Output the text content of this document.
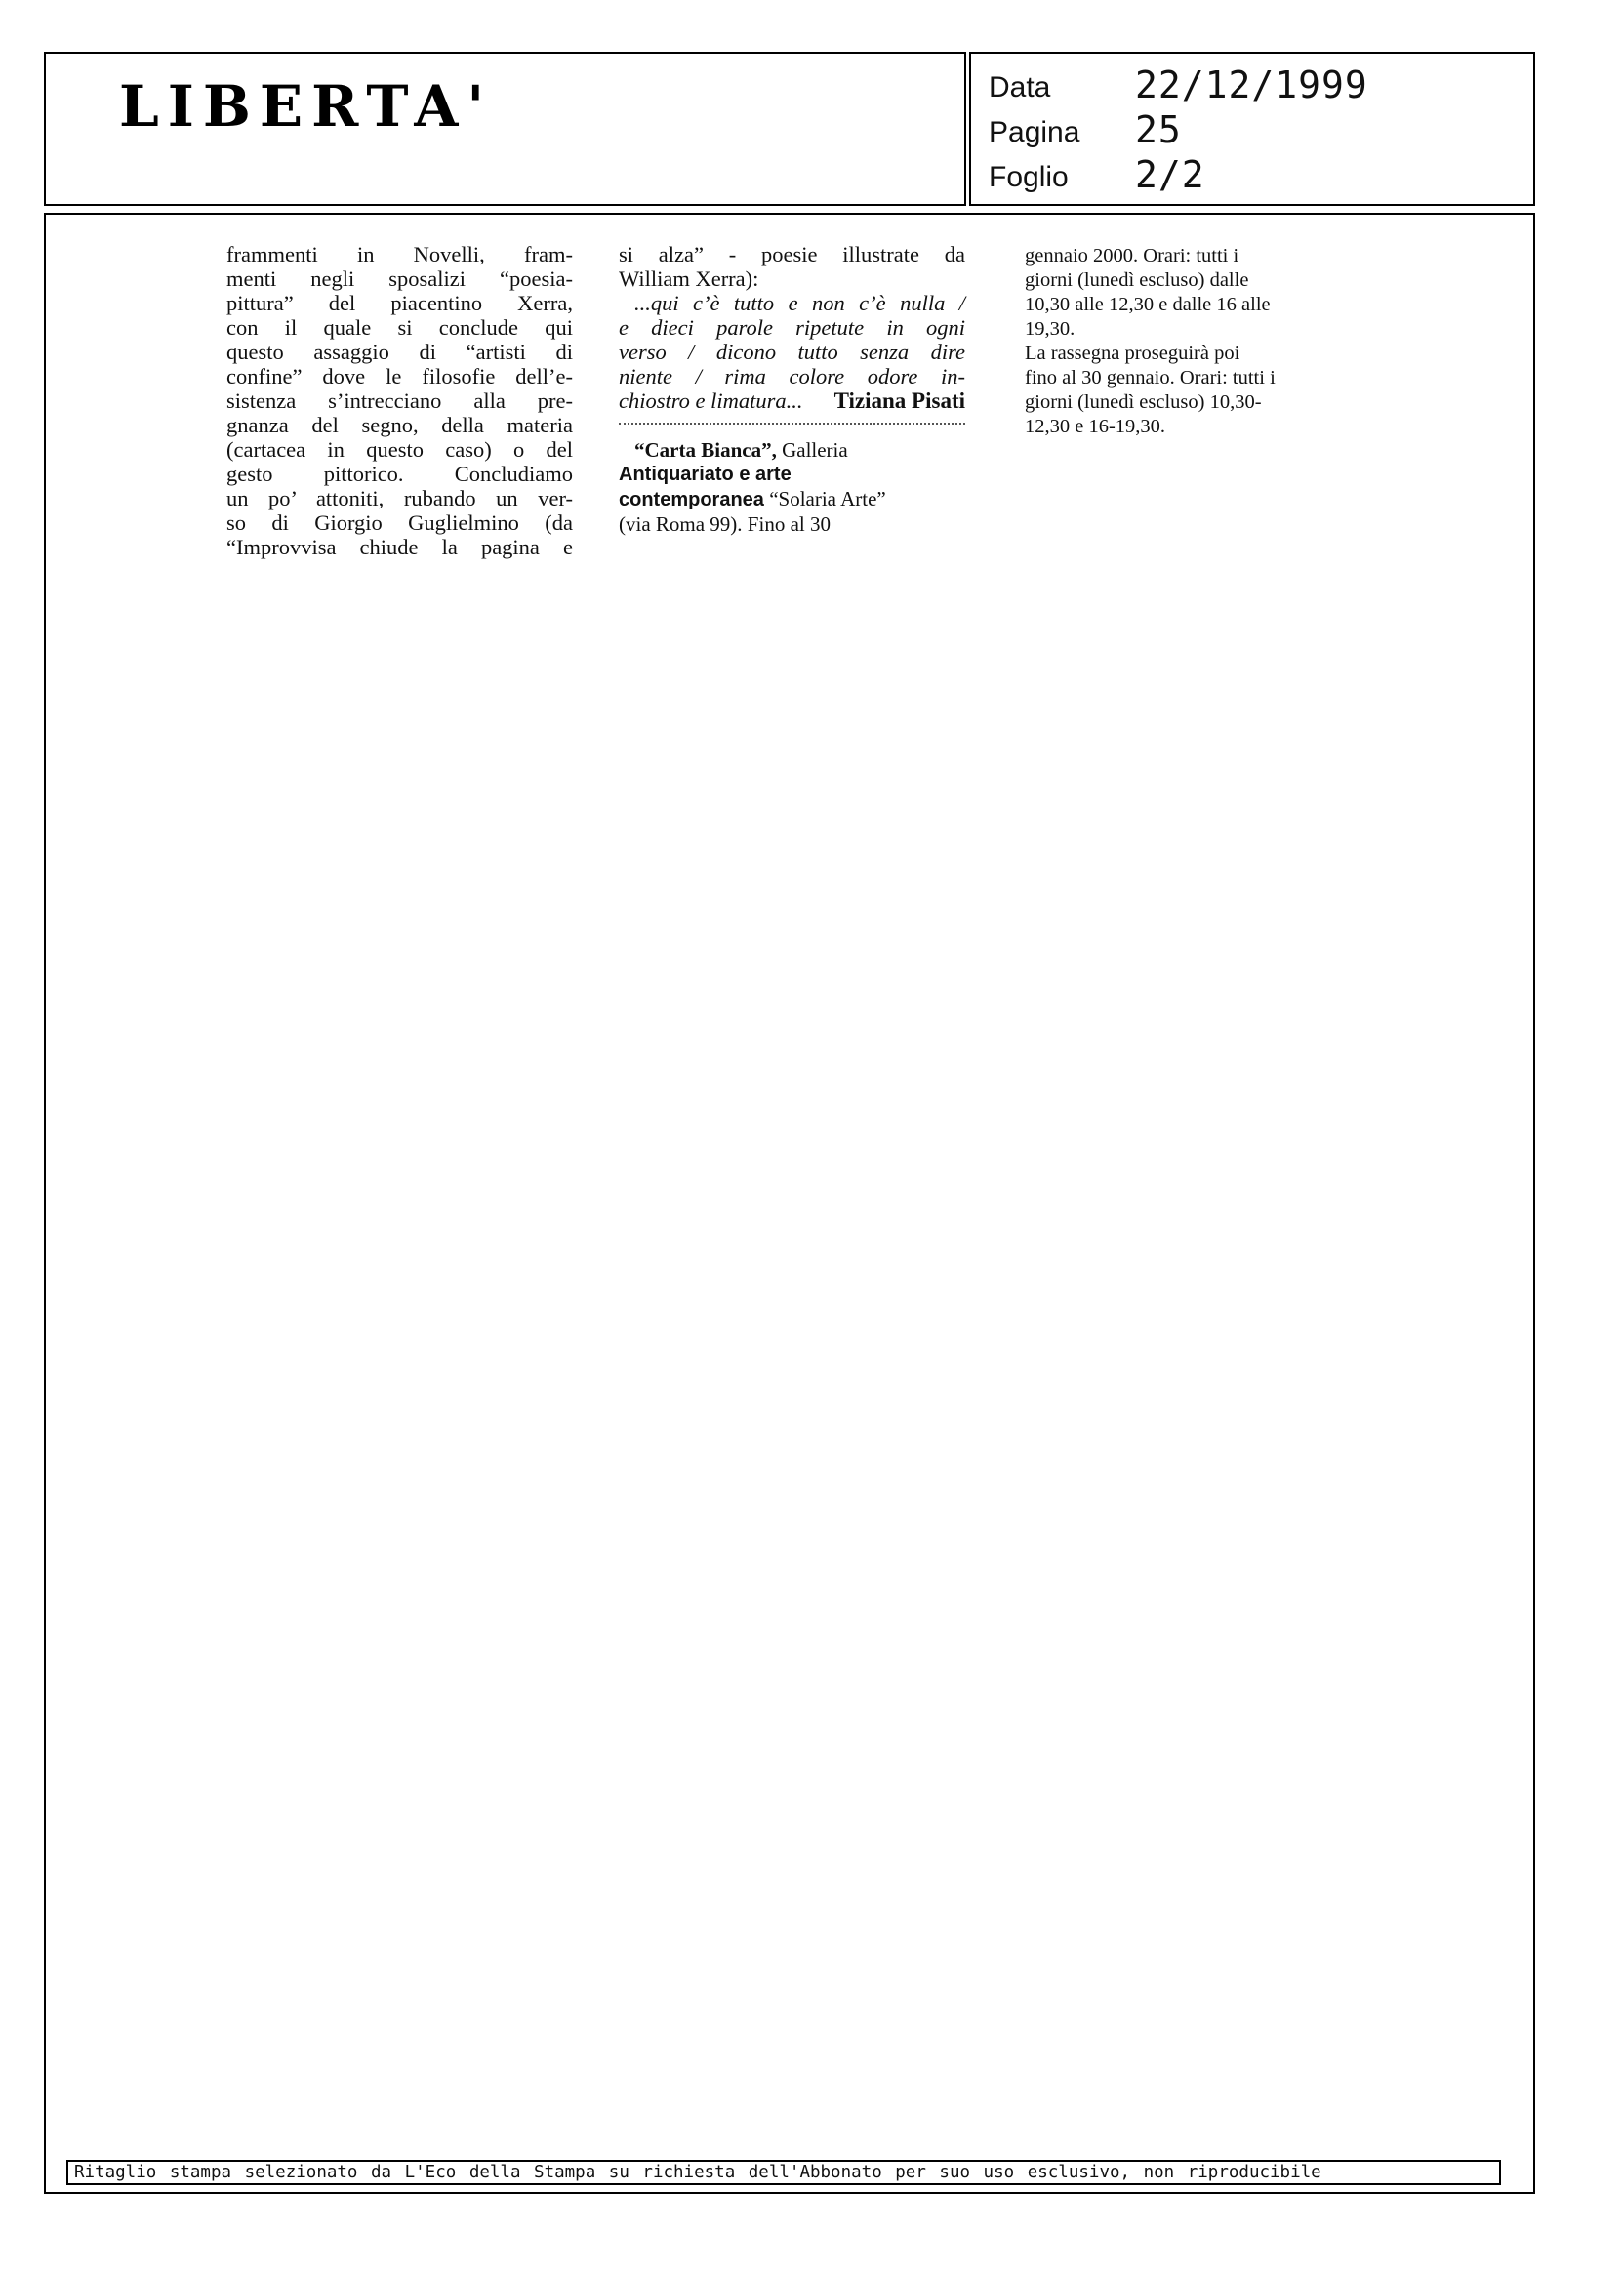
LIBERTA'	Data 22/12/1999
Pagina 25
Foglio 2/2

frammenti in Novelli, fram-

menti negli sposalizi “poesia-

pittura” del piacentino Xerra,

con il quale si conclude qui

questo assaggio di “artisti di

confine” dove le filosofie dell’e-

sistenza s’intrecciano alla pre-

gnanza del segno, della materia

(cartacea in questo caso) o del

gesto pittorico. Concludiamo

un po’ attoniti, rubando un ver-

so di Giorgio Guglielmino (da

“Improvvisa chiude la pagina e

si alza” - poesie illustrate da

William Xerra):

...qui c’è tutto e non c’è nulla /

e dieci parole ripetute in ogni

verso / dicono tutto senza dire

niente / rima colore odore in-

chiostro e limatura...	Tiziana Pisati

“Carta Bianca”, Galleria

Antiquariato e arte

contemporanea “Solaria Arte”

(via Roma 99). Fino al 30

gennaio 2000. Orari: tutti i

giorni (lunedì escluso) dalle

10,30 alle 12,30 e dalle 16 alle

19,30.

La rassegna proseguirà poi

fino al 30 gennaio. Orari: tutti i

giorni (lunedì escluso) 10,30-

12,30 e 16-19,30.

Ritaglio stampa selezionato da L'Eco della Stampa su richiesta dell'Abbonato per suo uso esclusivo, non riproducibile
